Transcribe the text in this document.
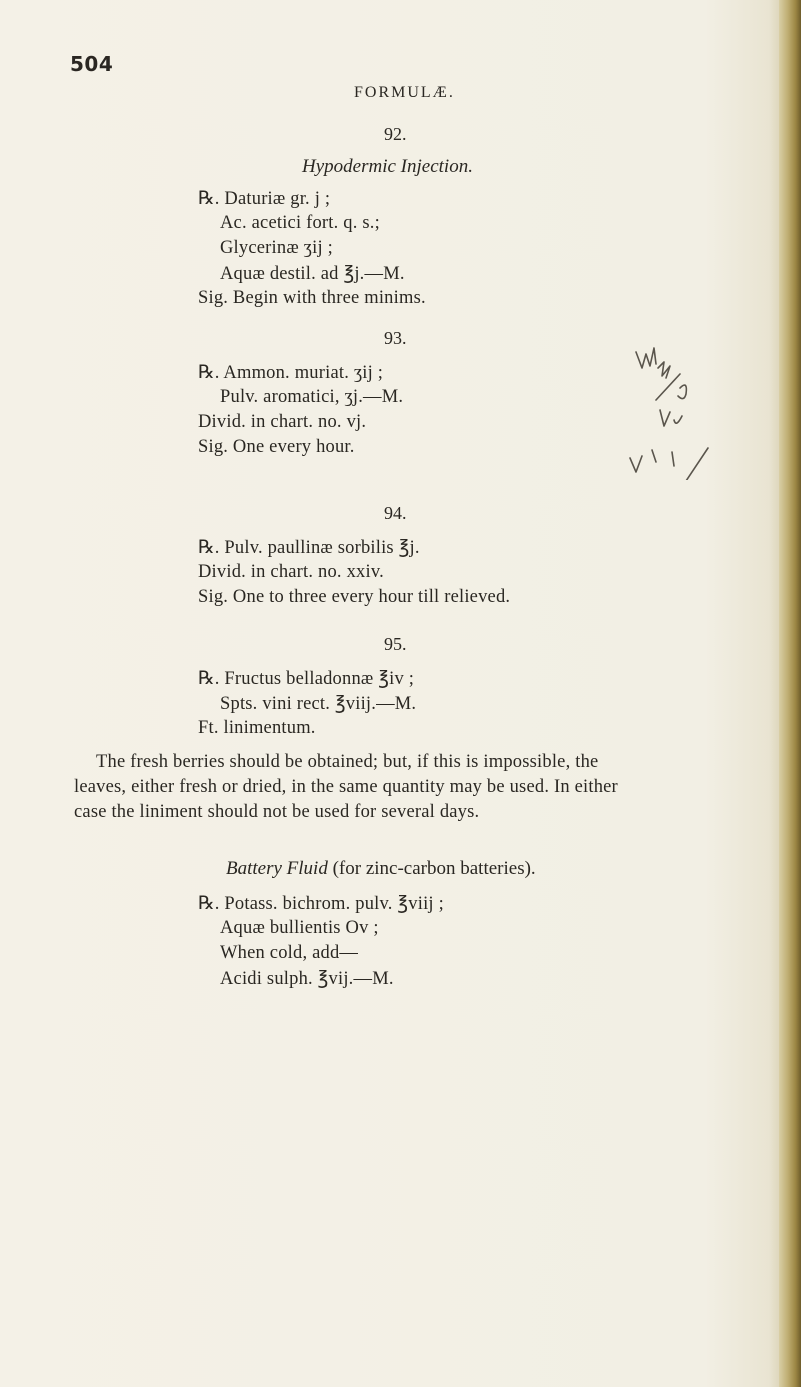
504
FORMULÆ.
92.
Hypodermic Injection.
℞. Daturiæ gr. j ;
Ac. acetici fort. q. s.;
Glycerinæ ʒij ;
Aquæ destil. ad ℥j.—M.
Sig. Begin with three minims.
93.
℞. Ammon. muriat. ʒij ;
Pulv. aromatici, ʒj.—M.
Divid. in chart. no. vj.
Sig. One every hour.
94.
℞. Pulv. paullinæ sorbilis ℥j.
Divid. in chart. no. xxiv.
Sig. One to three every hour till relieved.
95.
℞. Fructus belladonnæ ℥iv ;
Spts. vini rect. ℥viij.—M.
Ft. linimentum.
The fresh berries should be obtained; but, if this is impossible, the
leaves, either fresh or dried, in the same quantity may be used. In either
case the liniment should not be used for several days.
Battery Fluid (for zinc-carbon batteries).
℞. Potass. bichrom. pulv. ℥viij ;
Aquæ bullientis Ov ;
When cold, add—
Acidi sulph. ℥vij.—M.
